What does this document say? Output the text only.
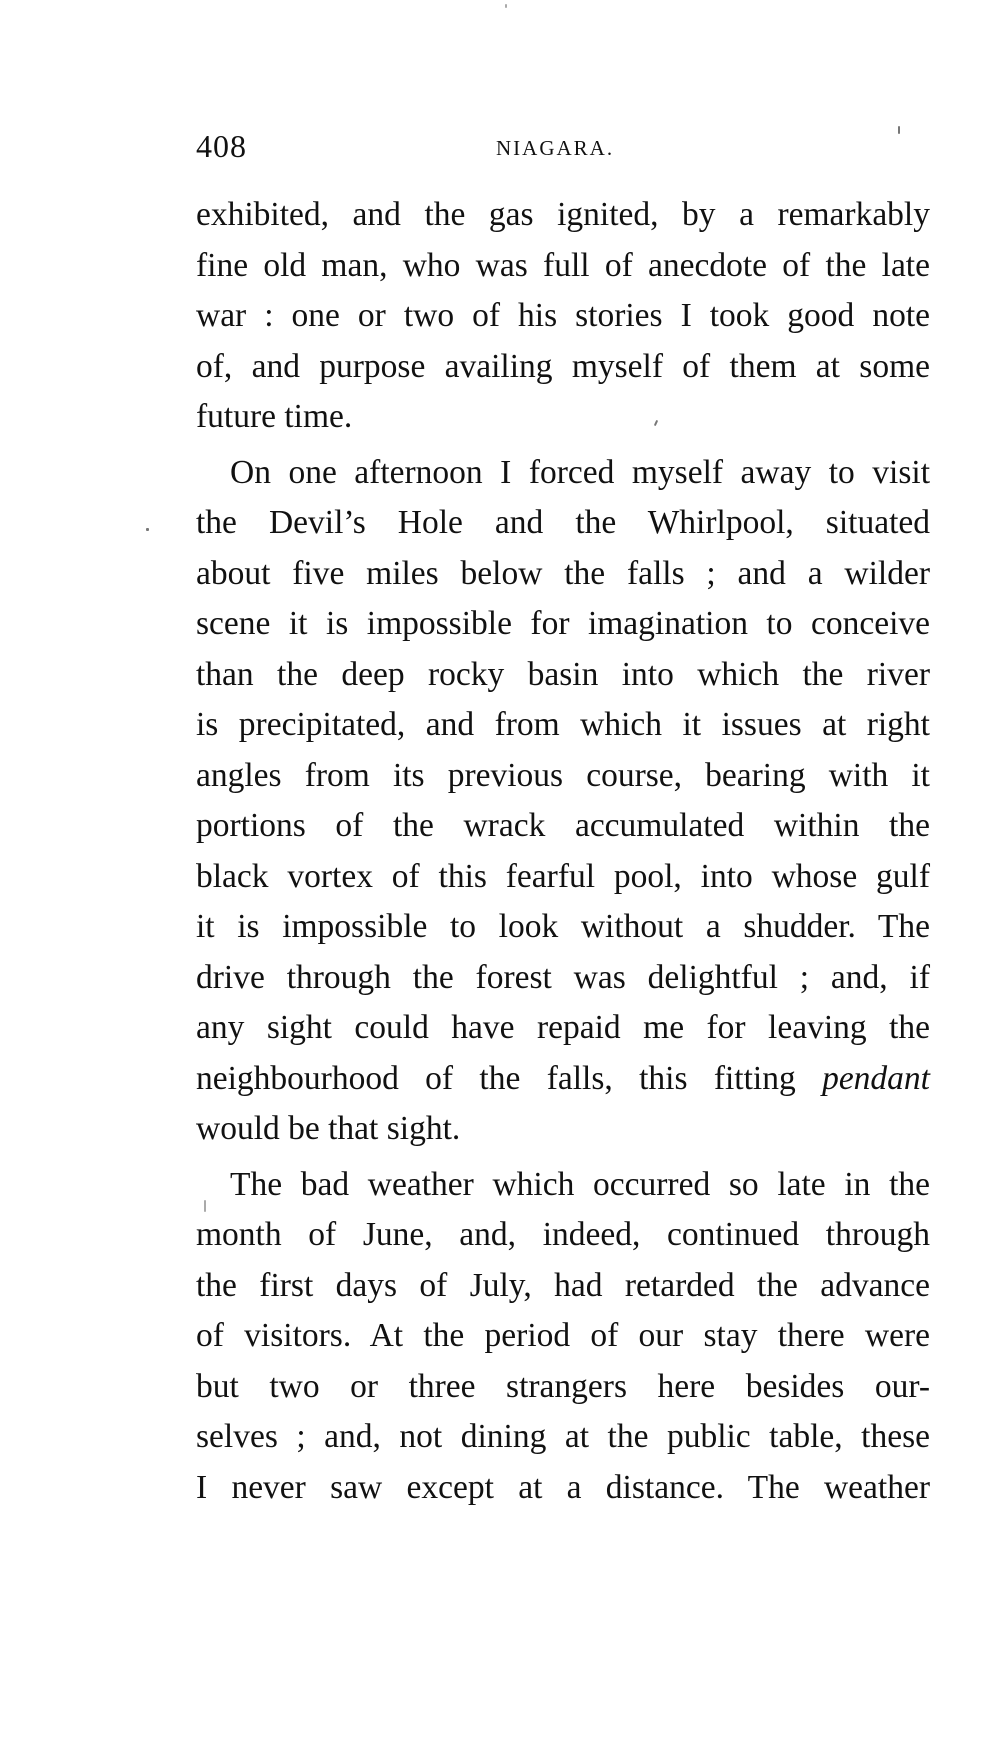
408	NIAGARA.
exhibited, and the gas ignited, by a remarkably
fine old man, who was full of anecdote of the late
war : one or two of his stories I took good note
of, and purpose availing myself of them at some
future time.
On one afternoon I forced myself away to visit
the Devil’s Hole and the Whirlpool, situated
about five miles below the falls ; and a wilder
scene it is impossible for imagination to conceive
than the deep rocky basin into which the river
is precipitated, and from which it issues at right
angles from its previous course, bearing with it
portions of the wrack accumulated within the
black vortex of this fearful pool, into whose gulf
it is impossible to look without a shudder. The
drive through the forest was delightful ; and, if
any sight could have repaid me for leaving the
neighbourhood of the falls, this fitting pendant
would be that sight.
The bad weather which occurred so late in the
month of June, and, indeed, continued through
the first days of July, had retarded the advance
of visitors. At the period of our stay there were
but two or three strangers here besides our-
selves ; and, not dining at the public table, these
I never saw except at a distance. The weather
